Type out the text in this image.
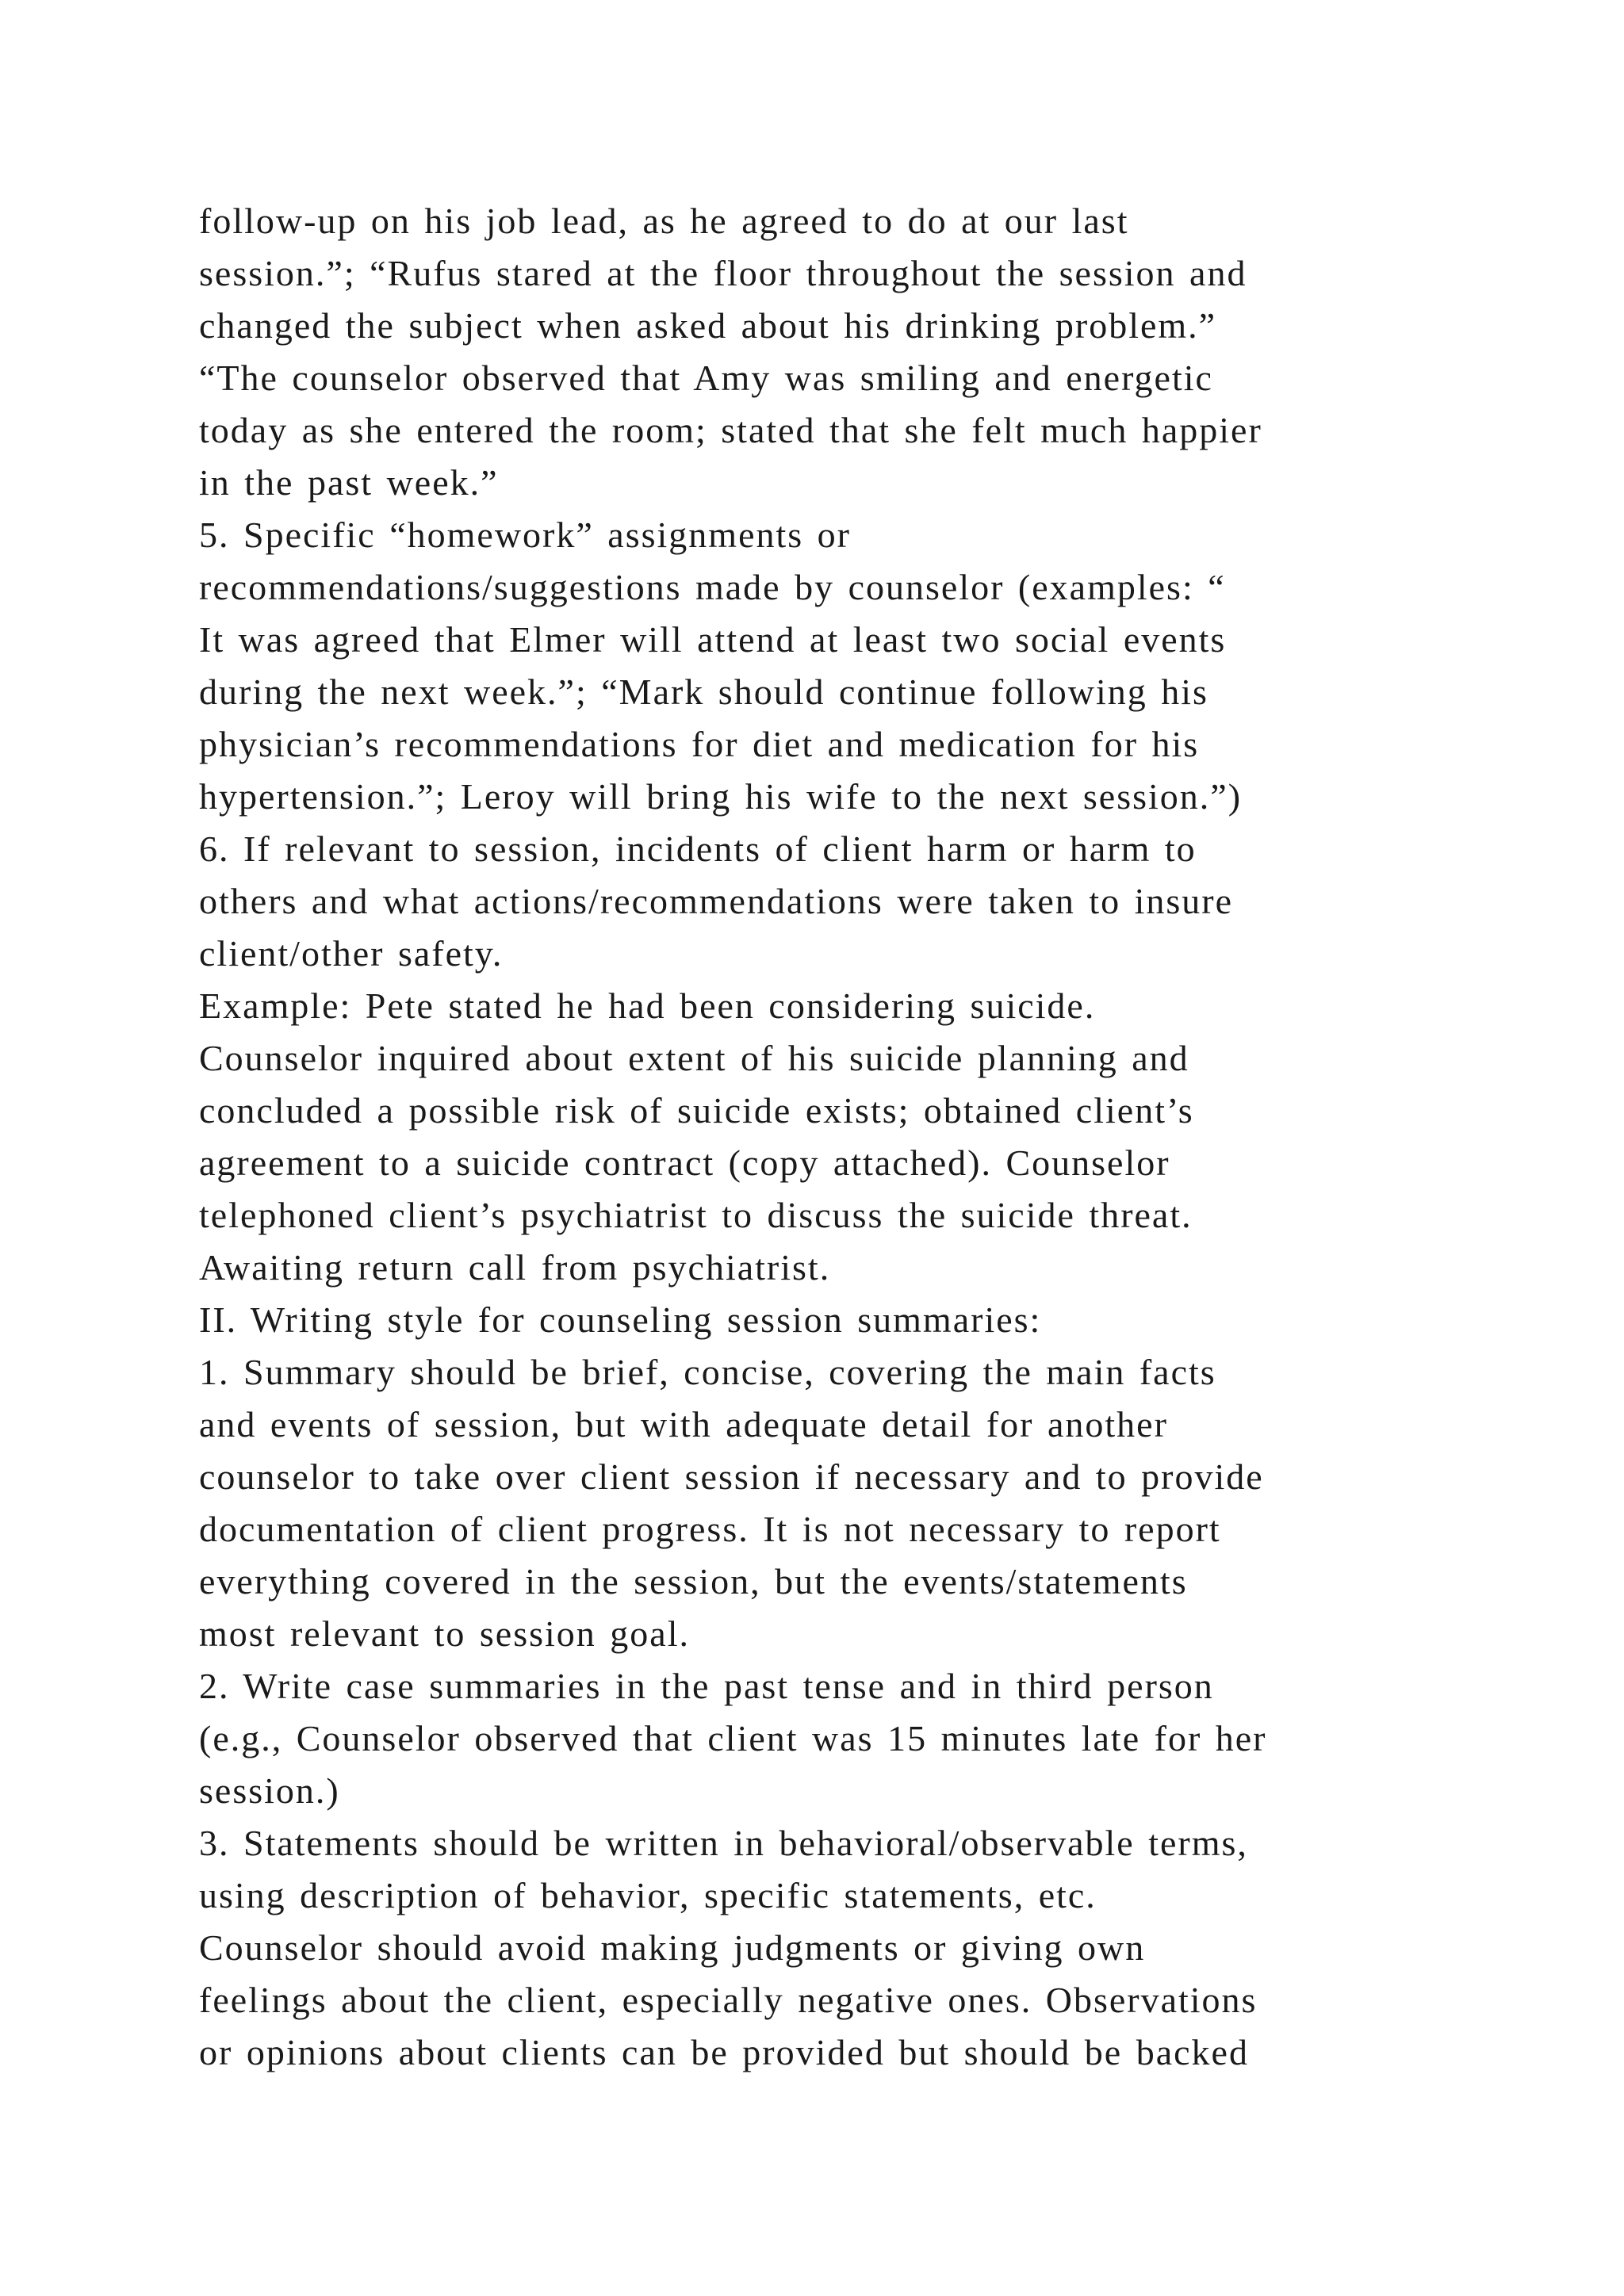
follow-up on his job lead, as he agreed to do at our last
session.”; “Rufus stared at the floor throughout the session and
changed the subject when asked about his drinking problem.”
“The counselor observed that Amy was smiling and energetic
today as she entered the room; stated that she felt much happier
in the past week.”
5. Specific “homework” assignments or
recommendations/suggestions made by counselor (examples: “
It was agreed that Elmer will attend at least two social events
during the next week.”; “Mark should continue following his
physician’s recommendations for diet and medication for his
hypertension.”; Leroy will bring his wife to the next session.”)
6. If relevant to session, incidents of client harm or harm to
others and what actions/recommendations were taken to insure
client/other safety.
Example: Pete stated he had been considering suicide.
Counselor inquired about extent of his suicide planning and
concluded a possible risk of suicide exists; obtained client’s
agreement to a suicide contract (copy attached). Counselor
telephoned client’s psychiatrist to discuss the suicide threat.
Awaiting return call from psychiatrist.
II. Writing style for counseling session summaries:
1. Summary should be brief, concise, covering the main facts
and events of session, but with adequate detail for another
counselor to take over client session if necessary and to provide
documentation of client progress. It is not necessary to report
everything covered in the session, but the events/statements
most relevant to session goal.
2. Write case summaries in the past tense and in third person
(e.g., Counselor observed that client was 15 minutes late for her
session.)
3. Statements should be written in behavioral/observable terms,
using description of behavior, specific statements, etc.
Counselor should avoid making judgments or giving own
feelings about the client, especially negative ones. Observations
or opinions about clients can be provided but should be backed
